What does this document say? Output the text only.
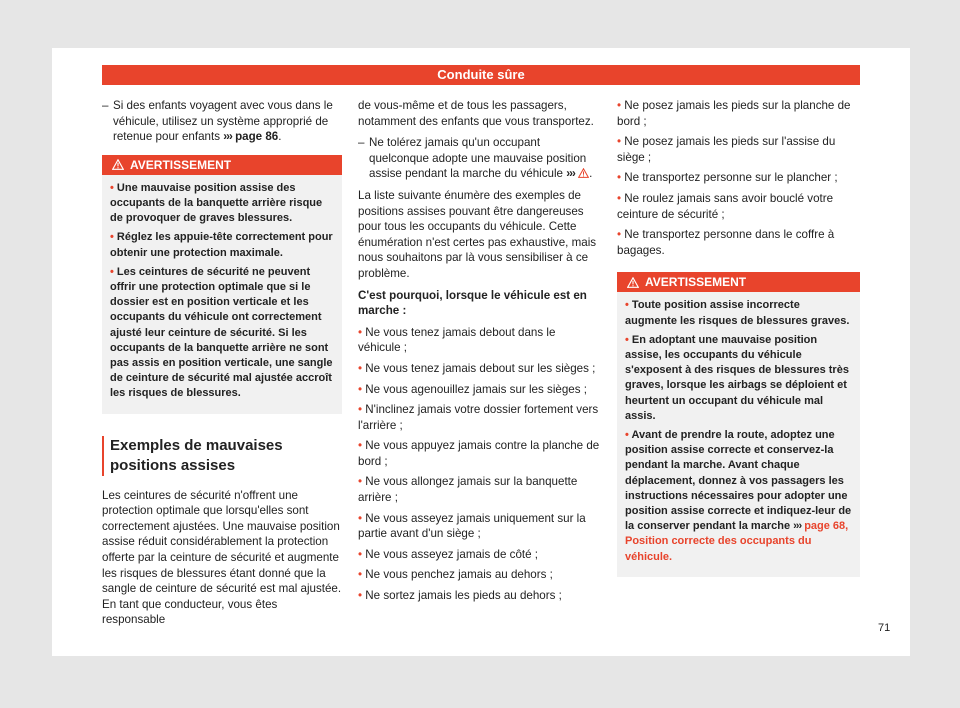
Conduite sûre
– Si des enfants voyagent avec vous dans le véhicule, utilisez un système approprié de retenue pour enfants ››› page 86.
AVERTISSEMENT
• Une mauvaise position assise des occupants de la banquette arrière risque de provoquer de graves blessures.
• Réglez les appuie-tête correctement pour obtenir une protection maximale.
• Les ceintures de sécurité ne peuvent offrir une protection optimale que si le dossier est en position verticale et les occupants du véhicule ont correctement ajusté leur ceinture de sécurité. Si les occupants de la banquette arrière ne sont pas assis en position verticale, une sangle de ceinture de sécurité mal ajustée accroît les risques de blessures.
Exemples de mauvaises positions assises

Les ceintures de sécurité n'offrent une protection optimale que lorsqu'elles sont correctement ajustées. Une mauvaise position assise réduit considérablement la protection offerte par la ceinture de sécurité et augmente les risques de blessures étant donné que la sangle de ceinture de sécurité est mal ajustée. En tant que conducteur, vous êtes responsable

de vous-même et de tous les passagers, notamment des enfants que vous transportez.

– Ne tolérez jamais qu'un occupant quelconque adopte une mauvaise position assise pendant la marche du véhicule ››› .

La liste suivante énumère des exemples de positions assises pouvant être dangereuses pour tous les occupants du véhicule. Cette énumération n'est certes pas exhaustive, mais nous souhaitons par là vous sensibiliser à ce problème.

C'est pourquoi, lorsque le véhicule est en marche :
• Ne vous tenez jamais debout dans le véhicule ;
• Ne vous tenez jamais debout sur les sièges ;
• Ne vous agenouillez jamais sur les sièges ;
• N'inclinez jamais votre dossier fortement vers l'arrière ;
• Ne vous appuyez jamais contre la planche de bord ;
• Ne vous allongez jamais sur la banquette arrière ;
• Ne vous asseyez jamais uniquement sur la partie avant d'un siège ;
• Ne vous asseyez jamais de côté ;
• Ne vous penchez jamais au dehors ;
• Ne sortez jamais les pieds au dehors ;
• Ne posez jamais les pieds sur la planche de bord ;
• Ne posez jamais les pieds sur l'assise du siège ;
• Ne transportez personne sur le plancher ;
• Ne roulez jamais sans avoir bouclé votre ceinture de sécurité ;
• Ne transportez personne dans le coffre à bagages.
AVERTISSEMENT
• Toute position assise incorrecte augmente les risques de blessures graves.
• En adoptant une mauvaise position assise, les occupants du véhicule s'exposent à des risques de blessures très graves, lorsque les airbags se déploient et heurtent un occupant du véhicule mal assis.
• Avant de prendre la route, adoptez une position assise correcte et conservez-la pendant la marche. Avant chaque déplacement, donnez à vos passagers les instructions nécessaires pour adopter une position assise correcte et indiquez-leur de la conserver pendant la marche ››› page 68, Position correcte des occupants du véhicule.
71
